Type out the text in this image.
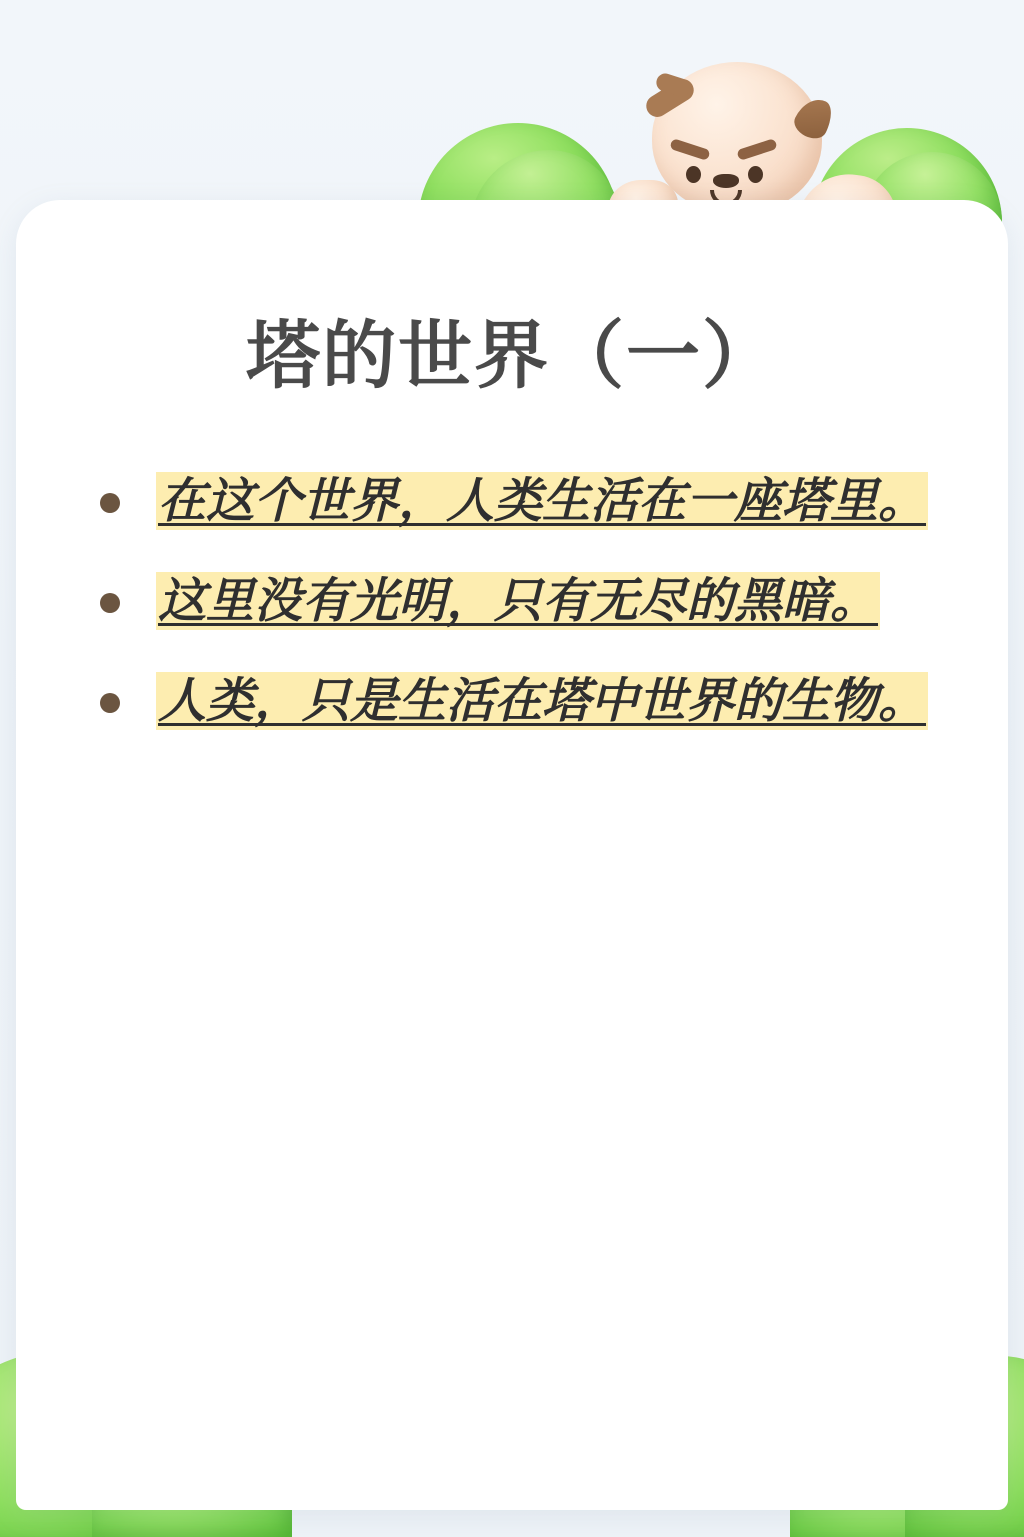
塔的世界（一）
在这个世界，人类生活在一座塔里。
这里没有光明，只有无尽的黑暗。
人类，只是生活在塔中世界的生物。
